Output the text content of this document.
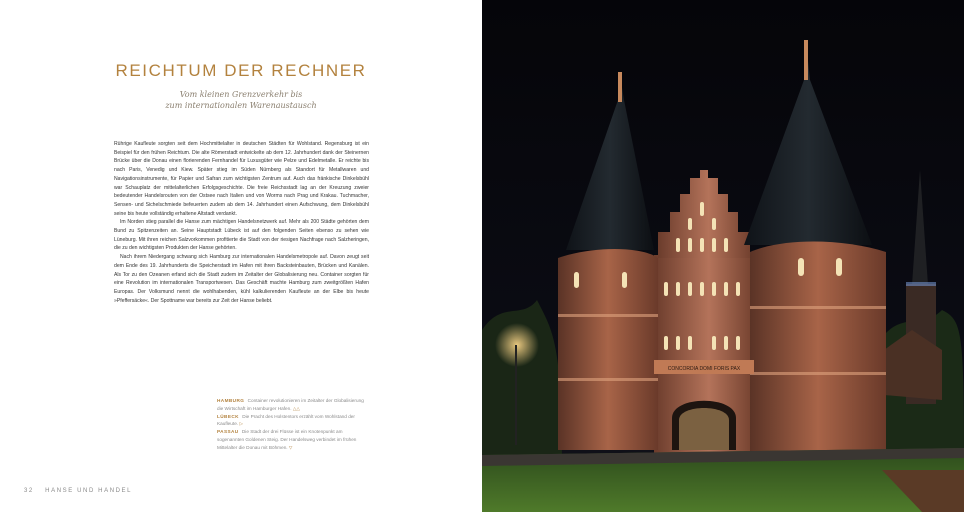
REICHTUM DER RECHNER
Vom kleinen Grenzverkehr bis
zum internationalen Warenaustausch

Rührige Kaufleute sorgten seit dem Hochmittelalter in deutschen Städten für Wohlstand. Regensburg ist ein Beispiel für den frühen Reichtum. Die alte Römerstadt entwickelte ab dem 12. Jahrhundert dank der Steinernen Brücke über die Donau einen florierenden Fernhandel für Luxusgüter wie Pelze und Edelmetalle. Er reichte bis nach Paris, Venedig und Kiew. Später stieg im Süden Nürnberg als Standort für Metallwaren und Navigationsinstrumente, für Papier und Safran zum wichtigsten Zentrum auf. Auch das fränkische Dinkelsbühl war Schauplatz der mittelalterlichen Erfolgsgeschichte. Die freie Reichsstadt lag an der Kreuzung zweier bedeutender Handelsrouten von der Ostsee nach Italien und von Worms nach Prag und Krakau. Tuchmacher, Sensen- und Sichelschmiede befeuerten zudem ab dem 14. Jahrhundert einen Aufschwung, dem Dinkelsbühl seine bis heute vollständig erhaltene Altstadt verdankt.

Im Norden stieg parallel die Hanse zum mächtigen Handelsnetzwerk auf. Mehr als 200 Städte gehörten dem Bund zu Spitzenzeiten an. Seine Hauptstadt Lübeck ist auf den folgenden Seiten ebenso zu sehen wie Lüneburg. Mit ihren reichen Salzvorkommen profitierte die Stadt von der riesigen Nachfrage nach Salzheringen, die zu den wichtigsten Produkten der Hanse gehörten.

Nach ihrem Niedergang schwang sich Hamburg zur internationalen Handelsmetropole auf. Davon zeugt seit dem Ende des 19. Jahrhunderts die Speicherstadt im Hafen mit ihren Backsteinbauten, Brücken und Kanälen. Als Tor zu den Ozeanen erfand sich die Stadt zudem im Zeitalter der Globalisierung neu. Container sorgten für eine Revolution im internationalen Transportwesen. Das Geschäft machte Hamburg zum zweitgrößten Hafen Europas. Der Volksmund nennt die wohlhabenden, kühl kalkulierenden Kaufleute an der Elbe bis heute »Pfeffersäcke«. Der Spottname war bereits zur Zeit der Hanse beliebt.

HAMBURG Container revolutionieren im Zeitalter der Globalisierung die Wirtschaft im Hamburger Hafen. △△

LÜBECK Die Pracht des Holstentors erzählt vom Wohlstand der Kaufleute. ▷

PASSAU Die Stadt der drei Flüsse ist ein Knotenpunkt am sogenannten Goldenen Steig. Der Handelsweg verbindet im frühen Mittelalter die Donau mit Böhmen. ▽

32 HANSE UND HANDEL
CONCORDIA DOMI FORIS PAX
